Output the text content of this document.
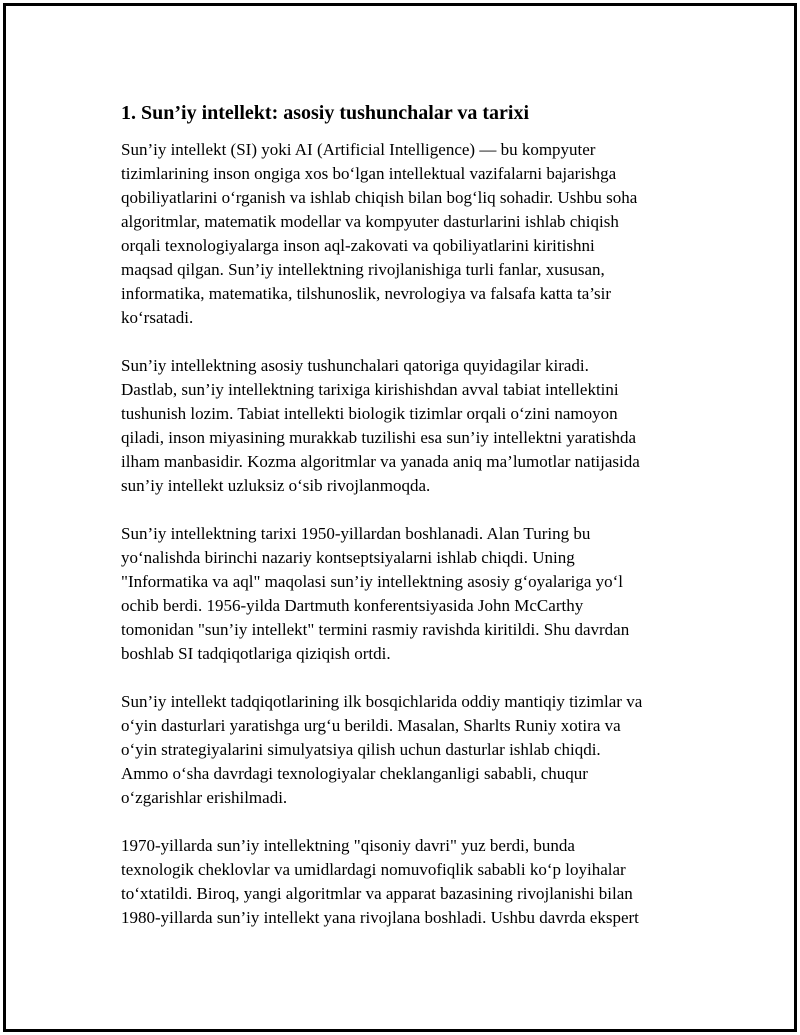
1. Sun’iy intellekt: asosiy tushunchalar va tarixi

Sun’iy intellekt (SI) yoki AI (Artificial Intelligence) — bu kompyuter
tizimlarining inson ongiga xos bo‘lgan intellektual vazifalarni bajarishga
qobiliyatlarini o‘rganish va ishlab chiqish bilan bog‘liq sohadir. Ushbu soha
algoritmlar, matematik modellar va kompyuter dasturlarini ishlab chiqish
orqali texnologiyalarga inson aql-zakovati va qobiliyatlarini kiritishni
maqsad qilgan. Sun’iy intellektning rivojlanishiga turli fanlar, xususan,
informatika, matematika, tilshunoslik, nevrologiya va falsafa katta ta’sir
ko‘rsatadi.

Sun’iy intellektning asosiy tushunchalari qatoriga quyidagilar kiradi.
Dastlab, sun’iy intellektning tarixiga kirishishdan avval tabiat intellektini
tushunish lozim. Tabiat intellekti biologik tizimlar orqali o‘zini namoyon
qiladi, inson miyasining murakkab tuzilishi esa sun’iy intellektni yaratishda
ilham manbasidir. Kozma algoritmlar va yanada aniq ma’lumotlar natijasida
sun’iy intellekt uzluksiz o‘sib rivojlanmoqda.

Sun’iy intellektning tarixi 1950-yillardan boshlanadi. Alan Turing bu
yo‘nalishda birinchi nazariy kontseptsiyalarni ishlab chiqdi. Uning
"Informatika va aql" maqolasi sun’iy intellektning asosiy g‘oyalariga yo‘l
ochib berdi. 1956-yilda Dartmuth konferentsiyasida John McCarthy
tomonidan "sun’iy intellekt" termini rasmiy ravishda kiritildi. Shu davrdan
boshlab SI tadqiqotlariga qiziqish ortdi.

Sun’iy intellekt tadqiqotlarining ilk bosqichlarida oddiy mantiqiy tizimlar va
o‘yin dasturlari yaratishga urg‘u berildi. Masalan, Sharlts Runiy xotira va
o‘yin strategiyalarini simulyatsiya qilish uchun dasturlar ishlab chiqdi.
Ammo o‘sha davrdagi texnologiyalar cheklanganligi sababli, chuqur
o‘zgarishlar erishilmadi.

1970-yillarda sun’iy intellektning "qisoniy davri" yuz berdi, bunda
texnologik cheklovlar va umidlardagi nomuvofiqlik sababli ko‘p loyihalar
to‘xtatildi. Biroq, yangi algoritmlar va apparat bazasining rivojlanishi bilan
1980-yillarda sun’iy intellekt yana rivojlana boshladi. Ushbu davrda ekspert
